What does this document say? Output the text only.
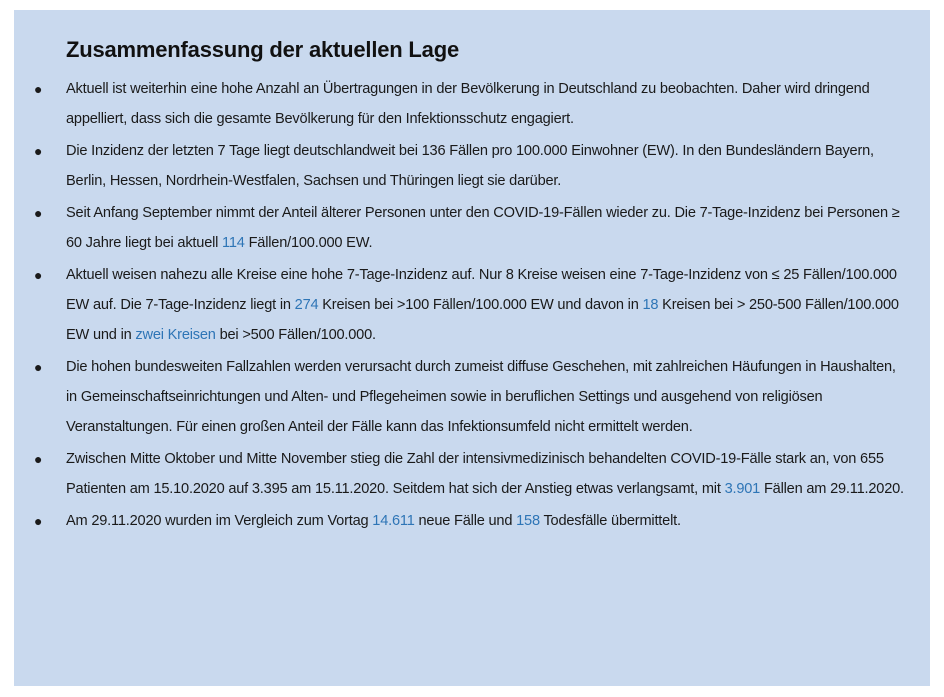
Zusammenfassung der aktuellen Lage
● Aktuell ist weiterhin eine hohe Anzahl an Übertragungen in der Bevölkerung in Deutschland zu beobachten. Daher wird dringend appelliert, dass sich die gesamte Bevölkerung für den Infektionsschutz engagiert.
● Die Inzidenz der letzten 7 Tage liegt deutschlandweit bei 136 Fällen pro 100.000 Einwohner (EW). In den Bundesländern Bayern, Berlin, Hessen, Nordrhein-Westfalen, Sachsen und Thüringen liegt sie darüber.
● Seit Anfang September nimmt der Anteil älterer Personen unter den COVID-19-Fällen wieder zu. Die 7-Tage-Inzidenz bei Personen ≥ 60 Jahre liegt bei aktuell 114 Fällen/100.000 EW.
● Aktuell weisen nahezu alle Kreise eine hohe 7-Tage-Inzidenz auf. Nur 8 Kreise weisen eine 7-Tage-Inzidenz von ≤ 25 Fällen/100.000 EW auf. Die 7-Tage-Inzidenz liegt in 274 Kreisen bei >100 Fällen/100.000 EW und davon in 18 Kreisen bei > 250-500 Fällen/100.000 EW und in zwei Kreisen bei >500 Fällen/100.000.
● Die hohen bundesweiten Fallzahlen werden verursacht durch zumeist diffuse Geschehen, mit zahlreichen Häufungen in Haushalten, in Gemeinschaftseinrichtungen und Alten- und Pflegeheimen sowie in beruflichen Settings und ausgehend von religiösen Veranstaltungen. Für einen großen Anteil der Fälle kann das Infektionsumfeld nicht ermittelt werden.
● Zwischen Mitte Oktober und Mitte November stieg die Zahl der intensivmedizinisch behandelten COVID-19-Fälle stark an, von 655 Patienten am 15.10.2020 auf 3.395 am 15.11.2020. Seitdem hat sich der Anstieg etwas verlangsamt, mit 3.901 Fällen am 29.11.2020.
● Am 29.11.2020 wurden im Vergleich zum Vortag 14.611 neue Fälle und 158 Todesfälle übermittelt.
